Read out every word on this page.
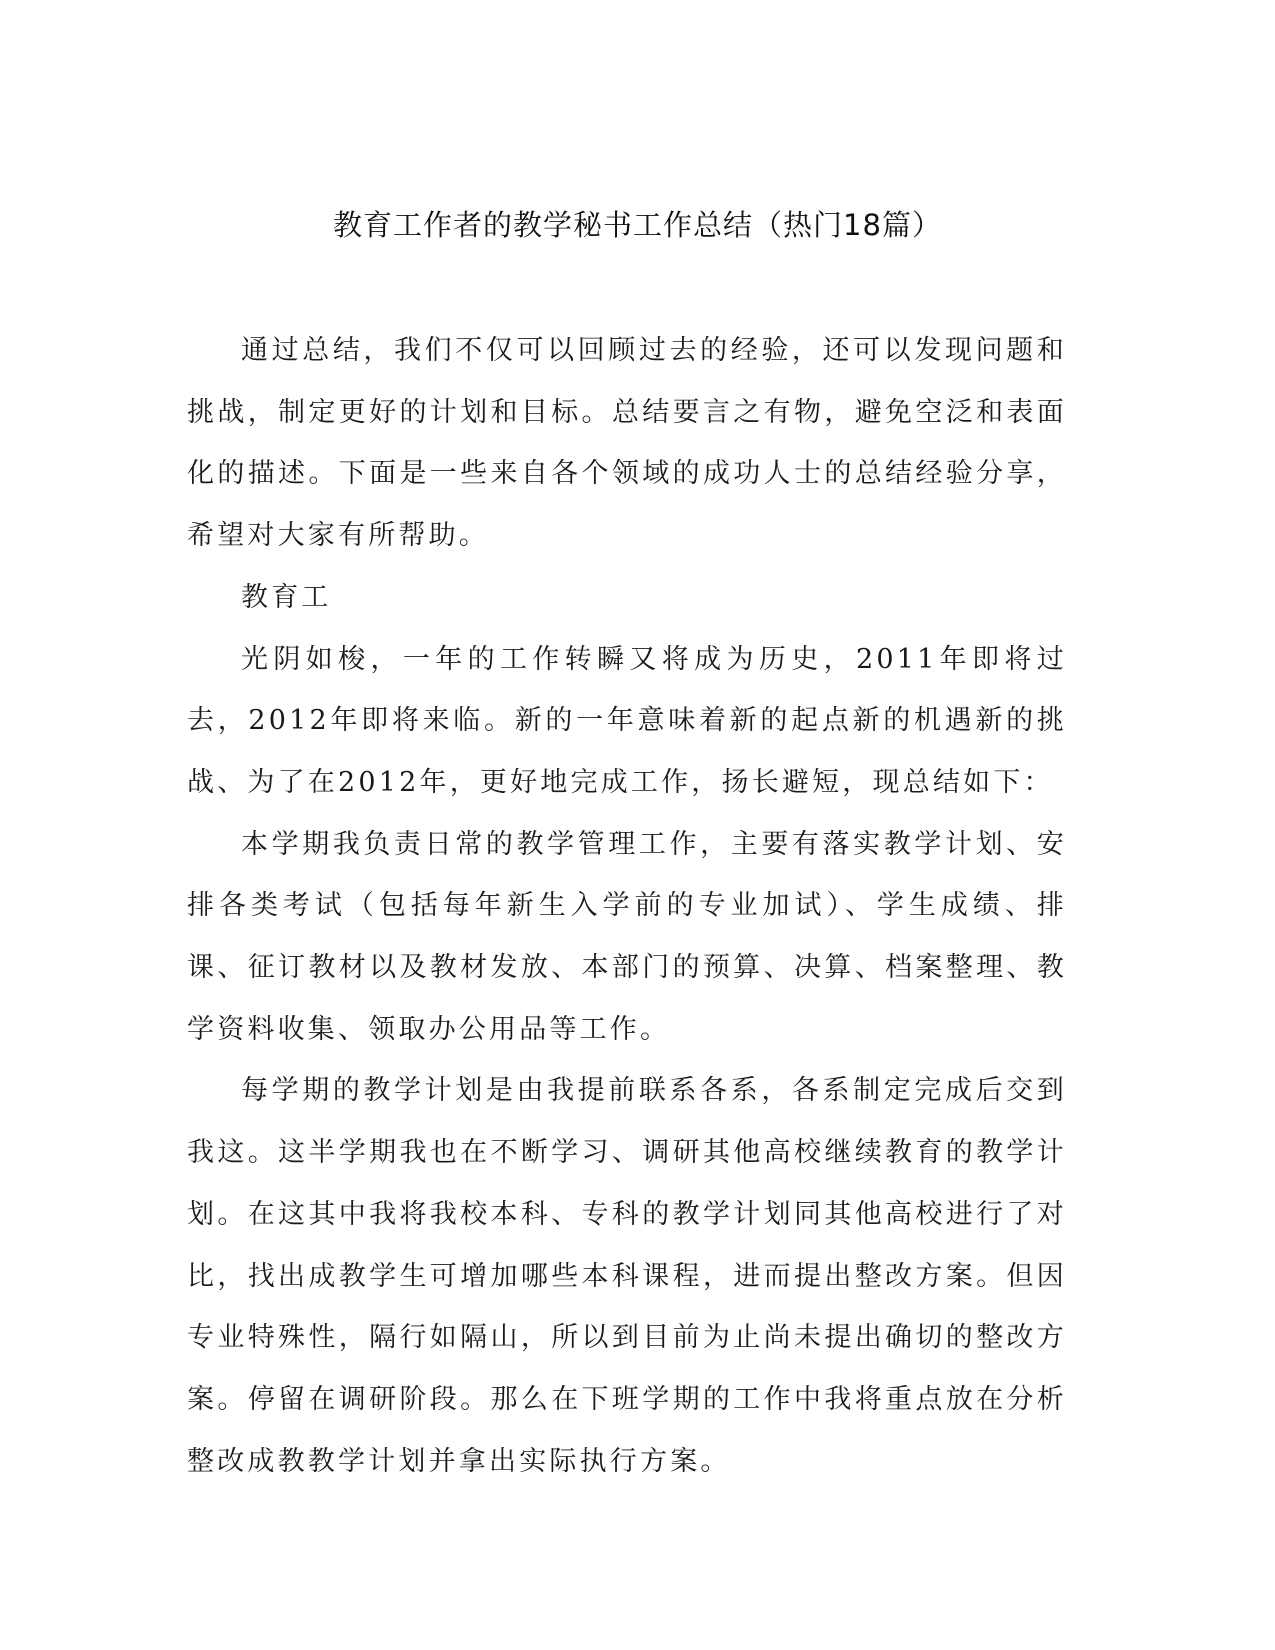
教育工作者的教学秘书工作总结（热门18篇）

通过总结，我们不仅可以回顾过去的经验，还可以发现问题和挑战，制定更好的计划和目标。总结要言之有物，避免空泛和表面化的描述。下面是一些来自各个领域的成功人士的总结经验分享，希望对大家有所帮助。

教育工

光阴如梭，一年的工作转瞬又将成为历史，2011年即将过去，2012年即将来临。新的一年意味着新的起点新的机遇新的挑战、为了在2012年，更好地完成工作，扬长避短，现总结如下：

本学期我负责日常的教学管理工作，主要有落实教学计划、安排各类考试（包括每年新生入学前的专业加试）、学生成绩、排课、征订教材以及教材发放、本部门的预算、决算、档案整理、教学资料收集、领取办公用品等工作。

每学期的教学计划是由我提前联系各系，各系制定完成后交到我这。这半学期我也在不断学习、调研其他高校继续教育的教学计划。在这其中我将我校本科、专科的教学计划同其他高校进行了对比，找出成教学生可增加哪些本科课程，进而提出整改方案。但因专业特殊性，隔行如隔山，所以到目前为止尚未提出确切的整改方案。停留在调研阶段。那么在下班学期的工作中我将重点放在分析整改成教教学计划并拿出实际执行方案。
